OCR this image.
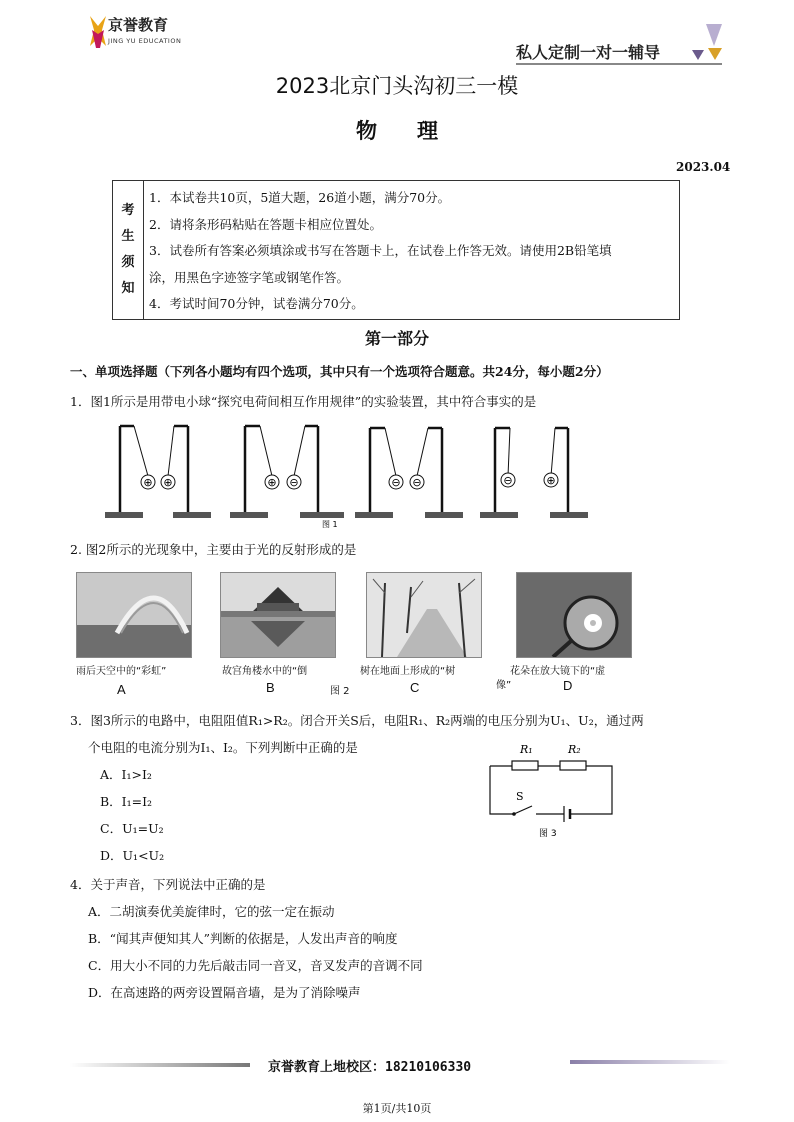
京誉教育
JING YU EDUCATION
私人定制一对一辅导
2023北京门头沟初三一模
物理
2023.04
考
生
须
知
1．本试卷共10页，5道大题，26道小题，满分70分。
2．请将条形码粘贴在答题卡相应位置处。
3．试卷所有答案必须填涂或书写在答题卡上，在试卷上作答无效。请使用2B铅笔填
涂，用黑色字迹签字笔或钢笔作答。
4．考试时间70分钟，试卷满分70分。
第一部分
一、单项选择题（下列各小题均有四个选项，其中只有一个选项符合题意。共24分，每小题2分）
1．图1所示是用带电小球“探究电荷间相互作用规律”的实验装置，其中符合事实的是
⊕ ⊕	⊕ ⊖	⊖ ⊖	⊖	⊕
图 1
2. 图2所示的光现象中，主要由于光的反射形成的是
雨后天空中的“彩虹”	故宫角楼水中的“倒	树在地面上形成的“树	花朵在放大镜下的“虚
像”
A	B	图 2	C	D
3．图3所示的电路中，电阻阻值R₁>R₂。闭合开关S后，电阻R₁、R₂两端的电压分别为U₁、U₂，通过两
个电阻的电流分别为I₁、I₂。下列判断中正确的是
A．I₁>I₂
B．I₁=I₂
C．U₁=U₂
D．U₁<U₂
R₁	R₂
S
图 3
4．关于声音，下列说法中正确的是
A．二胡演奏优美旋律时，它的弦一定在振动
B．“闻其声便知其人”判断的依据是，人发出声音的响度
C．用大小不同的力先后敲击同一音叉，音叉发声的音调不同
D．在高速路的两旁设置隔音墙，是为了消除噪声
京誉教育上地校区：18210106330
第1页/共10页
